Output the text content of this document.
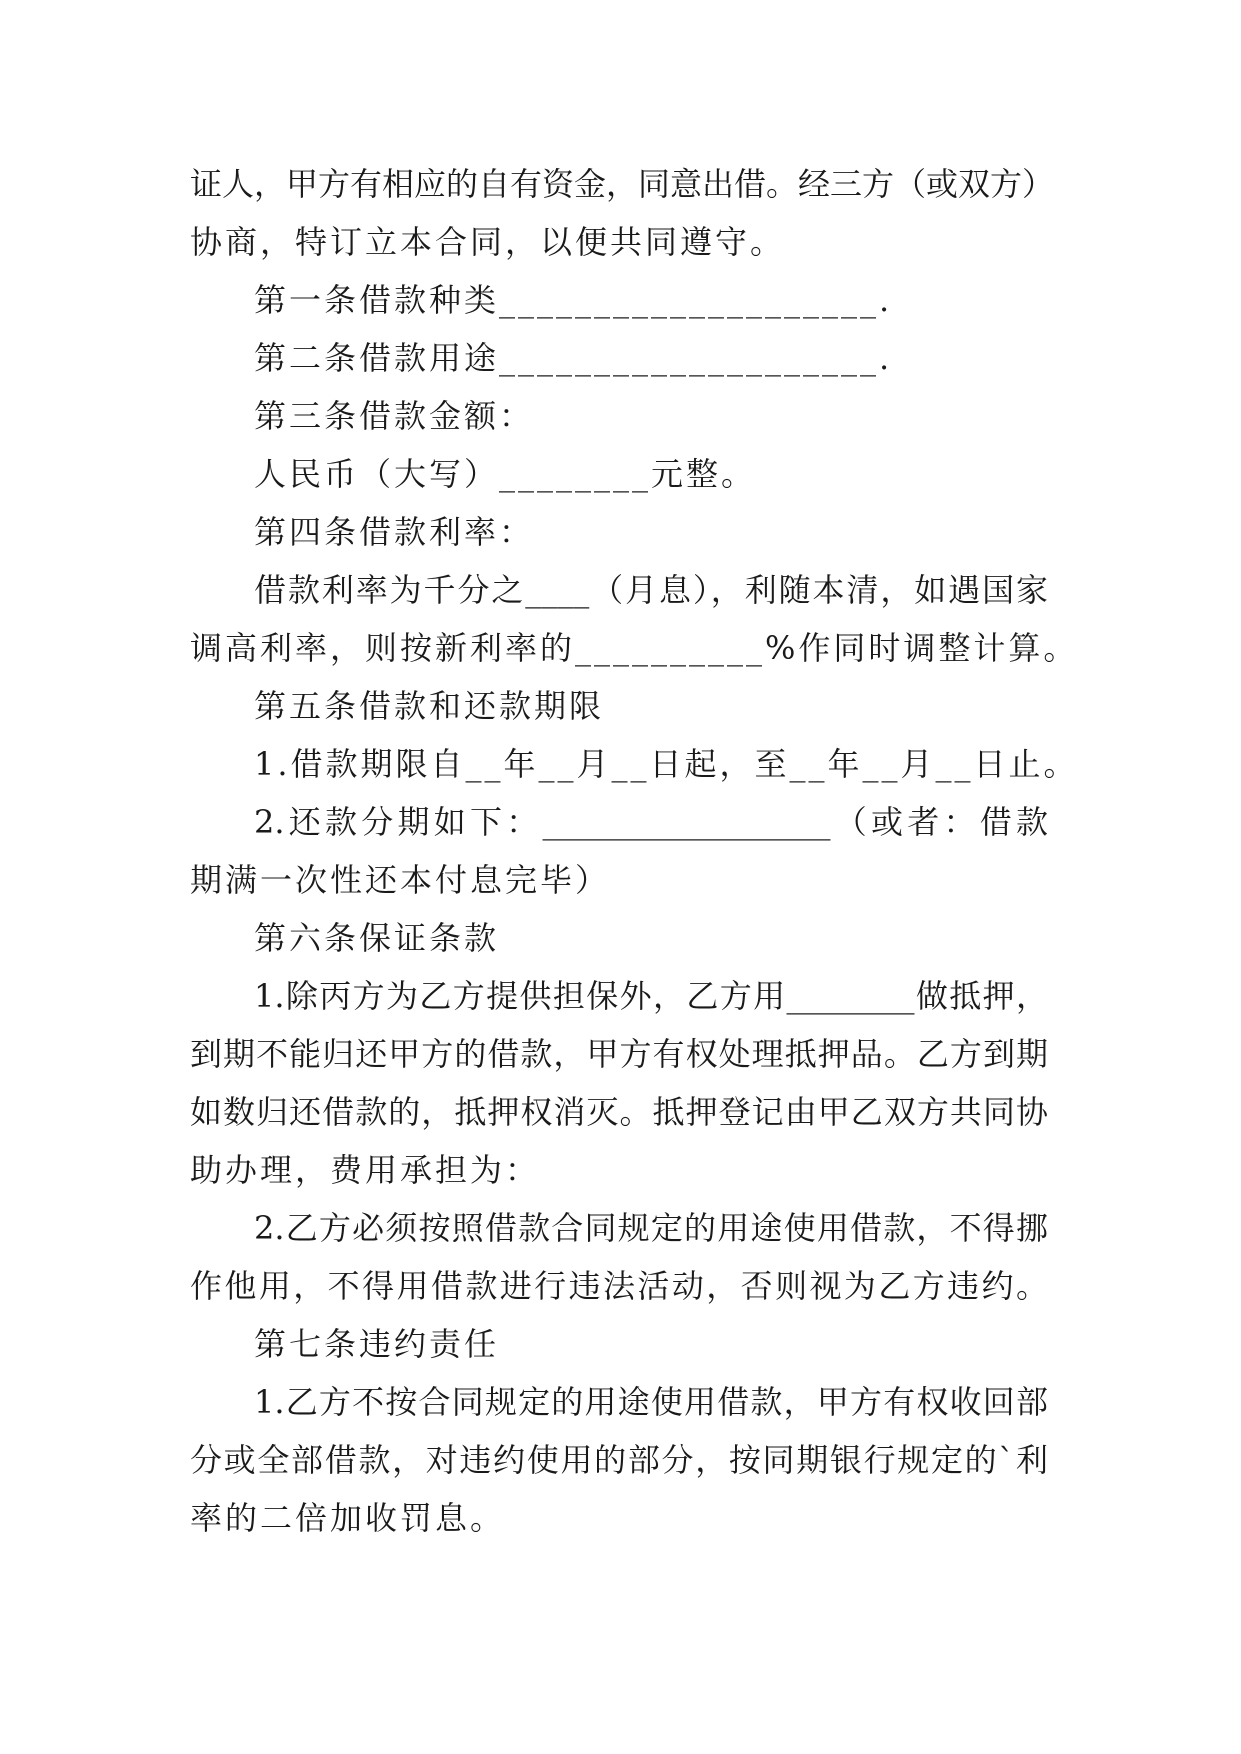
证人，甲方有相应的自有资金，同意出借。经三方（或双方）
协商，特订立本合同，以便共同遵守。
第一条借款种类____________________.
第二条借款用途____________________.
第三条借款金额：
人民币（大写）________元整。
第四条借款利率：
借款利率为千分之____（月息），利随本清，如遇国家
调高利率，则按新利率的__________%作同时调整计算。
第五条借款和还款期限
1.借款期限自__年__月__日起，至__年__月__日止。
2.还款分期如下：__________________（或者：借款
期满一次性还本付息完毕）
第六条保证条款
1.除丙方为乙方提供担保外，乙方用________做抵押，
到期不能归还甲方的借款，甲方有权处理抵押品。乙方到期
如数归还借款的，抵押权消灭。抵押登记由甲乙双方共同协
助办理，费用承担为：
2.乙方必须按照借款合同规定的用途使用借款，不得挪
作他用，不得用借款进行违法活动，否则视为乙方违约。
第七条违约责任
1.乙方不按合同规定的用途使用借款，甲方有权收回部
分或全部借款，对违约使用的部分，按同期银行规定的`利
率的二倍加收罚息。
